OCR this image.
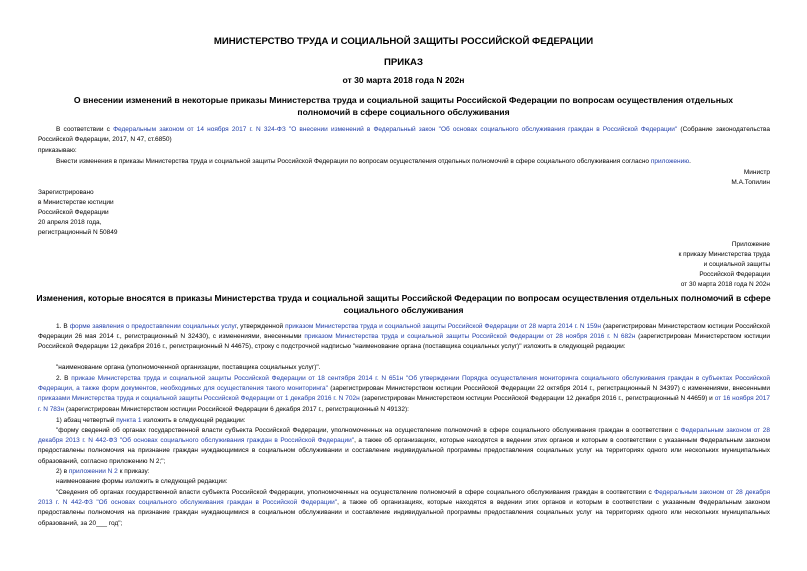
МИНИСТЕРСТВО ТРУДА И СОЦИАЛЬНОЙ ЗАЩИТЫ РОССИЙСКОЙ ФЕДЕРАЦИИ
ПРИКАЗ
от 30 марта 2018 года N 202н
О внесении изменений в некоторые приказы Министерства труда и социальной защиты Российской Федерации по вопросам осуществления отдельных полномочий в сфере социального обслуживания
В соответствии с Федеральным законом от 14 ноября 2017 г. N 324-ФЗ "О внесении изменений в Федеральный закон "Об основах социального обслуживания граждан в Российской Федерации" (Собрание законодательства Российской Федерации, 2017, N 47, ст.6850)
приказываю:
Внести изменения в приказы Министерства труда и социальной защиты Российской Федерации по вопросам осуществления отдельных полномочий в сфере социального обслуживания согласно приложению.
Министр
М.А.Топилин
Зарегистрировано
в Министерстве юстиции
Российской Федерации
20 апреля 2018 года,
регистрационный N 50849
Приложение
к приказу Министерства труда
и социальной защиты
Российской Федерации
от 30 марта 2018 года N 202н
Изменения, которые вносятся в приказы Министерства труда и социальной защиты Российской Федерации по вопросам осуществления отдельных полномочий в сфере социального обслуживания
1. В форме заявления о предоставлении социальных услуг, утвержденной приказом Министерства труда и социальной защиты Российской Федерации от 28 марта 2014 г. N 159н (зарегистрирован Министерством юстиции Российской Федерации 26 мая 2014 г., регистрационный N 32430), с изменениями, внесенными приказом Министерства труда и социальной защиты Российской Федерации от 28 ноября 2016 г. N 682н (зарегистрирован Министерством юстиции Российской Федерации 12 декабря 2016 г., регистрационный N 44675), строку с подстрочной надписью "наименование органа (поставщика социальных услуг)" изложить в следующей редакции:
"наименование органа (уполномоченной организации, поставщика социальных услуг)".
2. В приказе Министерства труда и социальной защиты Российской Федерации от 18 сентября 2014 г. N 651н "Об утверждении Порядка осуществления мониторинга социального обслуживания граждан в субъектах Российской Федерации, а также форм документов, необходимых для осуществления такого мониторинга" (зарегистрирован Министерством юстиции Российской Федерации 22 октября 2014 г., регистрационный N 34397) с изменениями, внесенными приказами Министерства труда и социальной защиты Российской Федерации от 1 декабря 2016 г. N 702н (зарегистрирован Министерством юстиции Российской Федерации 12 декабря 2016 г., регистрационный N 44659) и от 16 ноября 2017 г. N 783н (зарегистрирован Министерством юстиции Российской Федерации 6 декабря 2017 г., регистрационный N 49132):
1) абзац четвертый пункта 1 изложить в следующей редакции:
"форму сведений об органах государственной власти субъекта Российской Федерации, уполномоченных на осуществление полномочий в сфере социального обслуживания граждан в соответствии с Федеральным законом от 28 декабря 2013 г. N 442-ФЗ "Об основах социального обслуживания граждан в Российской Федерации", а также об организациях, которые находятся в ведении этих органов и которым в соответствии с указанным Федеральным законом предоставлены полномочия на признание граждан нуждающимися в социальном обслуживании и составление индивидуальной программы предоставления социальных услуг на территориях одного или нескольких муниципальных образований, согласно приложению N 2;";
2) в приложении N 2 к приказу:
наименование формы изложить в следующей редакции:
"Сведения об органах государственной власти субъекта Российской Федерации, уполномоченных на осуществление полномочий в сфере социального обслуживания граждан в соответствии с Федеральным законом от 28 декабря 2013 г. N 442-ФЗ "Об основах социального обслуживания граждан в Российской Федерации", а также об организациях, которые находятся в ведении этих органов и которым в соответствии с указанным Федеральным законом предоставлены полномочия на признание граждан нуждающимися в социальном обслуживании и составление индивидуальной программы предоставления социальных услуг на территориях одного или нескольких муниципальных образований, за 20___ год";
